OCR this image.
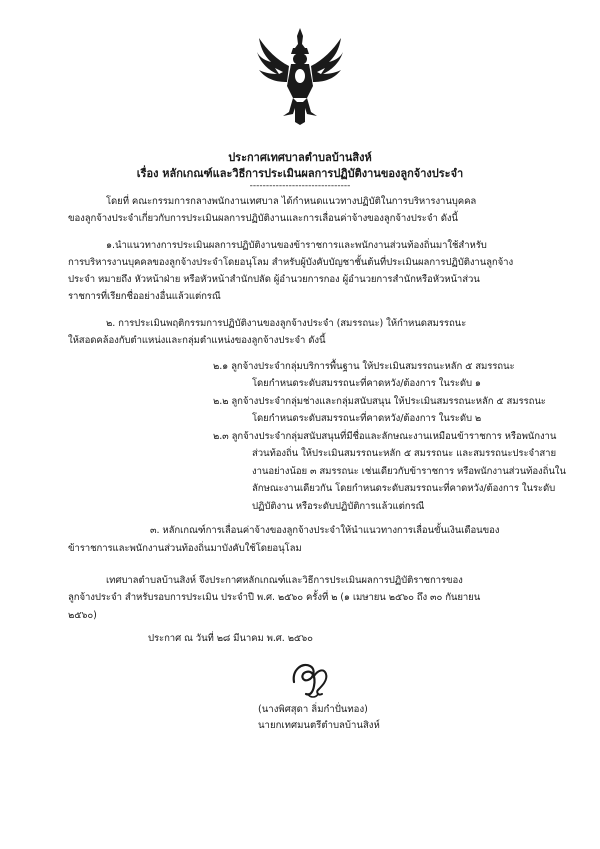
ประกาศเทศบาลตำบลบ้านสิงห์
เรื่อง หลักเกณฑ์และวิธีการประเมินผลการปฏิบัติงานของลูกจ้างประจำ
-------------------------------
โดยที่ คณะกรรมการกลางพนักงานเทศบาล ได้กำหนดแนวทางปฏิบัติในการบริหารงานบุคคล
ของลูกจ้างประจำเกี่ยวกับการประเมินผลการปฏิบัติงานและการเลื่อนค่าจ้างของลูกจ้างประจำ ดังนี้
๑.นำแนวทางการประเมินผลการปฏิบัติงานของข้าราชการและพนักงานส่วนท้องถิ่นมาใช้สำหรับ
การบริหารงานบุคคลของลูกจ้างประจำโดยอนุโลม สำหรับผู้บังคับบัญชาชั้นต้นที่ประเมินผลการปฏิบัติงานลูกจ้าง
ประจำ หมายถึง หัวหน้าฝ่าย หรือหัวหน้าสำนักปลัด ผู้อำนวยการกอง ผู้อำนวยการสำนักหรือหัวหน้าส่วน
ราชการที่เรียกชื่ออย่างอื่นแล้วแต่กรณี
๒. การประเมินพฤติกรรมการปฏิบัติงานของลูกจ้างประจำ (สมรรถนะ) ให้กำหนดสมรรถนะ
ให้สอดคล้องกับตำแหน่งและกลุ่มตำแหน่งของลูกจ้างประจำ ดังนี้
๒.๑ ลูกจ้างประจำกลุ่มบริการพื้นฐาน ให้ประเมินสมรรถนะหลัก ๕ สมรรถนะ
โดยกำหนดระดับสมรรถนะที่คาดหวัง/ต้องการ ในระดับ ๑
๒.๒ ลูกจ้างประจำกลุ่มช่างและกลุ่มสนับสนุน ให้ประเมินสมรรถนะหลัก ๕ สมรรถนะ
โดยกำหนดระดับสมรรถนะที่คาดหวัง/ต้องการ ในระดับ ๒
๒.๓ ลูกจ้างประจำกลุ่มสนับสนุนที่มีชื่อและลักษณะงานเหมือนข้าราชการ หรือพนักงาน
ส่วนท้องถิ่น ให้ประเมินสมรรถนะหลัก ๕ สมรรถนะ และสมรรถนะประจำสาย
งานอย่างน้อย ๓ สมรรถนะ เช่นเดียวกับข้าราชการ หรือพนักงานส่วนท้องถิ่นใน
ลักษณะงานเดียวกัน โดยกำหนดระดับสมรรถนะที่คาดหวัง/ต้องการ ในระดับ
ปฏิบัติงาน หรือระดับปฏิบัติการแล้วแต่กรณี
๓. หลักเกณฑ์การเลื่อนค่าจ้างของลูกจ้างประจำให้นำแนวทางการเลื่อนขั้นเงินเดือนของ
ข้าราชการและพนักงานส่วนท้องถิ่นมาบังคับใช้โดยอนุโลม
เทศบาลตำบลบ้านสิงห์ จึงประกาศหลักเกณฑ์และวิธีการประเมินผลการปฏิบัติราชการของ
ลูกจ้างประจำ สำหรับรอบการประเมิน ประจำปี พ.ศ. ๒๕๖๐ ครั้งที่ ๒ (๑ เมษายน ๒๕๖๐ ถึง ๓๐ กันยายน
๒๕๖๐)
ประกาศ ณ วันที่ ๒๘ มีนาคม พ.ศ. ๒๕๖๐
(นางพิศสุดา ลิ่มกำปั่นทอง)
นายกเทศมนตรีตำบลบ้านสิงห์
